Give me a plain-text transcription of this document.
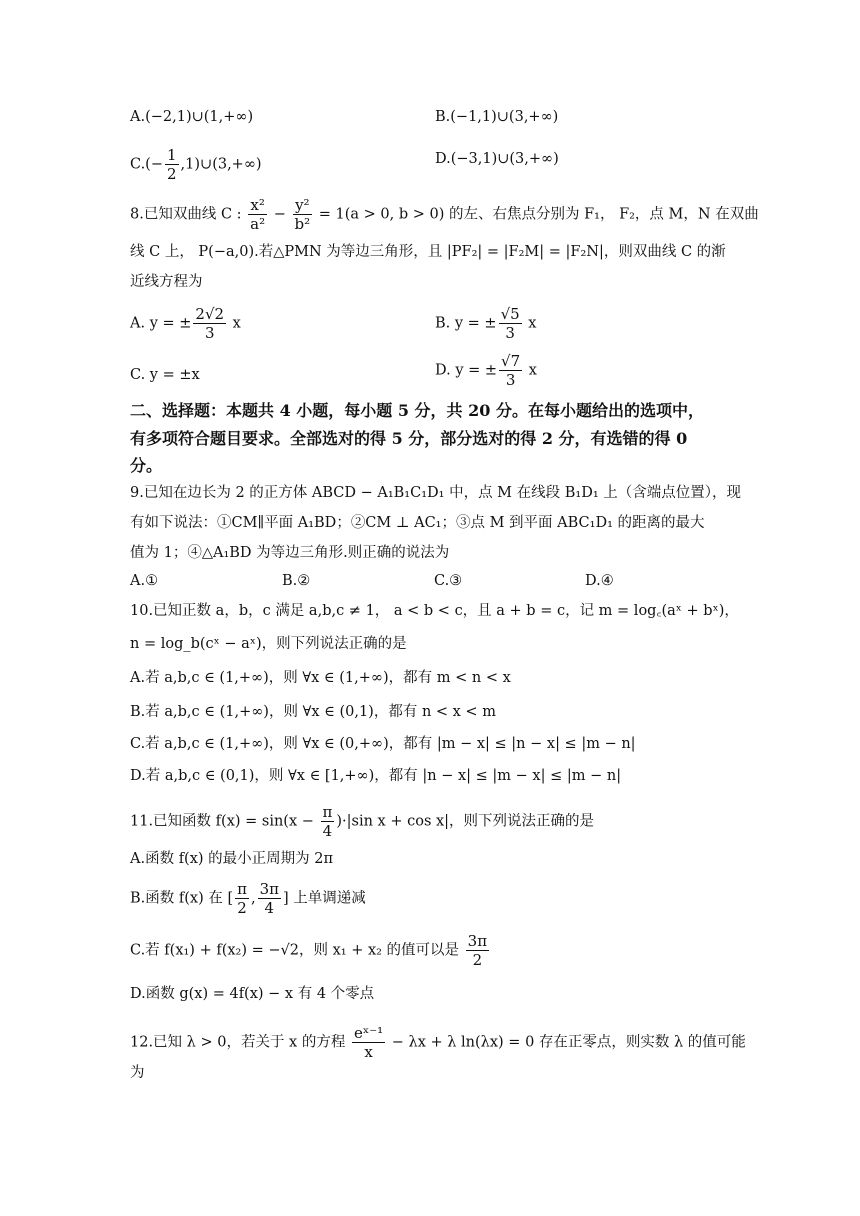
A.(−2,1)∪(1,+∞)	B.(−1,1)∪(3,+∞)
$C.(- \frac{1}{2}$ ,1)∪(3,+∞)	D.(−3,1)∪(3,+∞)
8.已知双曲线 C : $\frac{\text{x²}}{\text{a²}} - \frac{\text{y²}}{\text{b²}} = 1(a > 0$, b > 0) 的左、右焦点分别为 F₁， F₂，点 M，N 在双曲
线 C 上， P(−a,0).若△PMN 为等边三角形，且 |PF₂| = |F₂M| = |F₂N|，则双曲线 C 的渐
近线方程为
A. y = ± $\frac{2√2}{3}$ x	B. y = ± $\frac{√5}{3}$ x
C. y = ±x	D. y = ± $\frac{√7}{3}$ x
二、选择题：本题共 4 小题，每小题 5 分，共 20 分。在每小题给出的选项中，
有多项符合题目要求。全部选对的得 5 分，部分选对的得 2 分，有选错的得 0
分。
9.已知在边长为 2 的正方体 ABCD − A₁B₁C₁D₁ 中，点 M 在线段 B₁D₁ 上（含端点位置），现
有如下说法：①CM∥平面 A₁BD；②CM ⊥ AC₁；③点 M 到平面 ABC₁D₁ 的距离的最大
值为 1；④△A₁BD 为等边三角形.则正确的说法为
A.①	B.②	C.③	D.④
10.已知正数 a，b，c 满足 a,b,c ≠ 1， a < b < c，且 a + b = c，记 m = log꜀(aˣ + bˣ)，
n = log_b(cˣ − aˣ)，则下列说法正确的是
A.若 a,b,c ∈ (1,+∞)，则 ∀x ∈ (1,+∞)，都有 m < n < x
B.若 a,b,c ∈ (1,+∞)，则 ∀x ∈ (0,1)，都有 n < x < m
C.若 a,b,c ∈ (1,+∞)，则 ∀x ∈ (0,+∞)，都有 |m − x| ≤ |n − x| ≤ |m − n|
D.若 a,b,c ∈ (0,1)，则 ∀x ∈ [1,+∞)，都有 |n − x| ≤ |m − x| ≤ |m − n|
11.已知函数 $f(x) = \sin(x - \frac{\pi}{4} )\cdot|\sin$ x + cos x|，则下列说法正确的是
A.函数 f(x) 的最小正周期为 2π
B.函数 f(x) 在 [ $\frac{\pi}{2}$ , $\frac{3\pi}{4}$ ] 上单调递减
C.若 f(x₁) + f(x₂) = −√2，则 x₁ + x₂ 的值可以是 $\frac{3\pi}{2}$
D.函数 g(x) = 4f(x) − x 有 4 个零点
12.已知 λ > 0，若关于 x 的方程 $\frac{\text{eˣ⁻¹}}{x} - \lambda x + \lambda$ ln(λx) = 0 存在正零点，则实数 λ 的值可能
为
